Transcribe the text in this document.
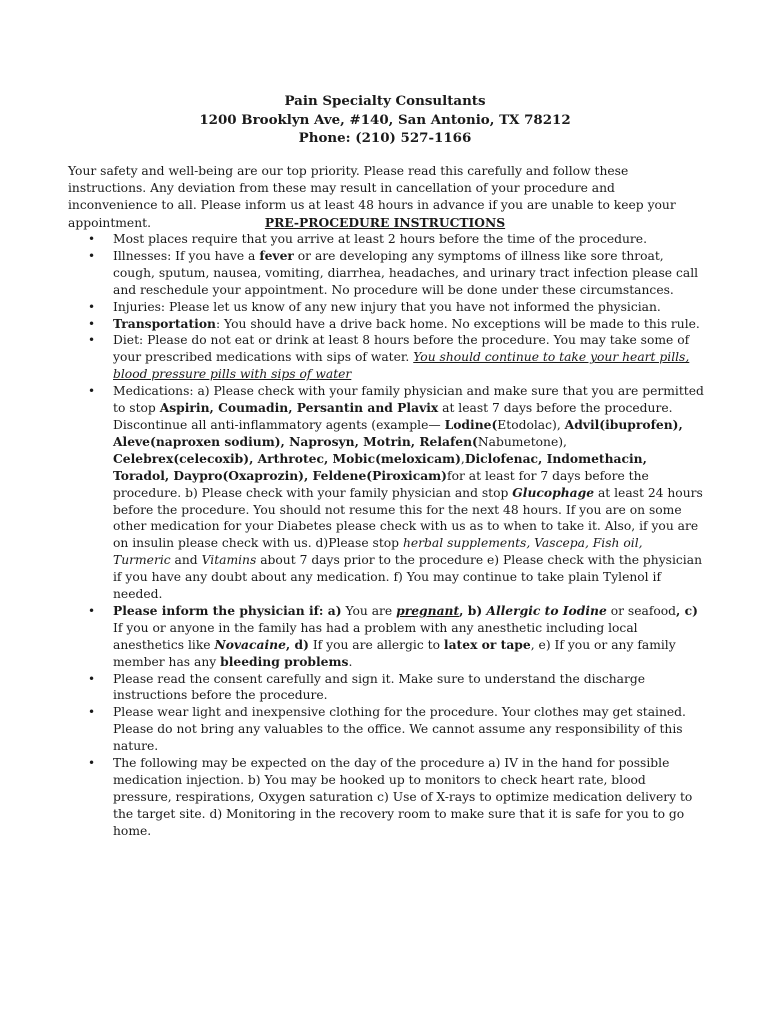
Pain Specialty Consultants
1200 Brooklyn Ave, #140, San Antonio, TX 78212
Phone: (210) 527-1166
Your safety and well-being are our top priority. Please read this carefully and follow these instructions. Any deviation from these may result in cancellation of your procedure and inconvenience to all. Please inform us at least 48 hours in advance if you are unable to keep your appointment.	PRE-PROCEDURE INSTRUCTIONS
• Most places require that you arrive at least 2 hours before the time of the procedure.
• Illnesses: If you have a fever or are developing any symptoms of illness like sore throat, cough, sputum, nausea, vomiting, diarrhea, headaches, and urinary tract infection please call and reschedule your appointment. No procedure will be done under these circumstances.
• Injuries: Please let us know of any new injury that you have not informed the physician.
• Transportation: You should have a drive back home. No exceptions will be made to this rule.
• Diet: Please do not eat or drink at least 8 hours before the procedure. You may take some of your prescribed medications with sips of water. You should continue to take your heart pills, blood pressure pills with sips of water
• Medications: a) Please check with your family physician and make sure that you are permitted to stop Aspirin, Coumadin, Persantin and Plavix at least 7 days before the procedure. Discontinue all anti-inflammatory agents (example— Lodine(Etodolac), Advil(ibuprofen), Aleve(naproxen sodium), Naprosyn, Motrin, Relafen(Nabumetone), Celebrex(celecoxib), Arthrotec, Mobic(meloxicam),Diclofenac, Indomethacin, Toradol, Daypro(Oxaprozin), Feldene(Piroxicam)for at least for 7 days before the procedure. b) Please check with your family physician and stop Glucophage at least 24 hours before the procedure. You should not resume this for the next 48 hours. If you are on some other medication for your Diabetes please check with us as to when to take it. Also, if you are on insulin please check with us. d)Please stop herbal supplements, Vascepa, Fish oil, Turmeric and Vitamins about 7 days prior to the procedure e) Please check with the physician if you have any doubt about any medication. f) You may continue to take plain Tylenol if needed.
• Please inform the physician if: a) You are pregnant, b) Allergic to Iodine or seafood, c) If you or anyone in the family has had a problem with any anesthetic including local anesthetics like Novacaine, d) If you are allergic to latex or tape, e) If you or any family member has any bleeding problems.
• Please read the consent carefully and sign it. Make sure to understand the discharge instructions before the procedure.
• Please wear light and inexpensive clothing for the procedure. Your clothes may get stained. Please do not bring any valuables to the office. We cannot assume any responsibility of this nature.
• The following may be expected on the day of the procedure a) IV in the hand for possible medication injection. b) You may be hooked up to monitors to check heart rate, blood pressure, respirations, Oxygen saturation c) Use of X-rays to optimize medication delivery to the target site. d) Monitoring in the recovery room to make sure that it is safe for you to go home.
